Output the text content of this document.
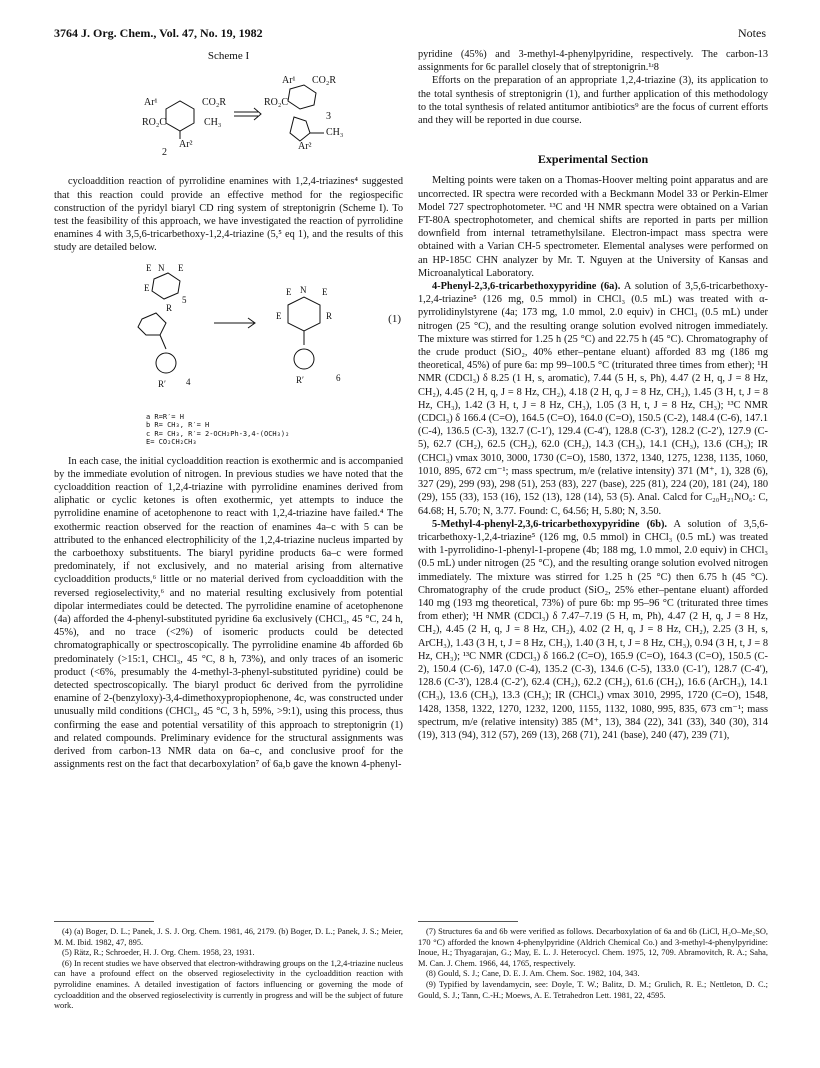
3764 J. Org. Chem., Vol. 47, No. 19, 1982	Notes
Scheme I
Ar¹	CO₂R
RO₂C	CH₃
Ar²
2
Ar¹ CO₂R
RO₂C
3
CH₃
Ar²

cycloaddition reaction of pyrrolidine enamines with 1,2,4-triazines⁴ suggested that this reaction could provide an effective method for the regiospecific construction of the pyridyl biaryl CD ring system of streptonigrin (Scheme I). To test the feasibility of this approach, we have investigated the reaction of pyrrolidine enamines 4 with 3,5,6-tricarbethoxy-1,2,4-triazine (5,⁵ eq 1), and the results of this study are detailed below.

E N E
E
5
R
R′ 4
E N E
E	R
R′	6
(1)
a R=R′= H
b R= CH₃, R′= H
c R= CH₃, R′= 2-OCH₂Ph-3,4-(OCH₃)₂
E= CO₂CH₂CH₃

In each case, the initial cycloaddition reaction is exothermic and is accompanied by the immediate evolution of nitrogen. In previous studies we have noted that the cycloaddition reaction of 1,2,4-triazine with pyrrolidine enamines derived from aliphatic or cyclic ketones is often exothermic, yet attempts to induce the pyrrolidine enamine of acetophenone to react with 1,2,4-triazine have failed.⁴ The exothermic reaction observed for the reaction of enamines 4a–c with 5 can be attributed to the enhanced electrophilicity of the 1,2,4-triazine nucleus imparted by the carboethoxy substituents. The biaryl pyridine products 6a–c were formed predominately, if not exclusively, and no material arising from alternative cycloaddition products,⁶ little or no material derived from cycloaddition with the reversed regioselectivity,⁶ and no material resulting exclusively from potential dipolar intermediates could be detected. The pyrrolidine enamine of acetophenone (4a) afforded the 4-phenyl-substituted pyridine 6a exclusively (CHCl₃, 45 °C, 24 h, 45%), and no trace (<2%) of isomeric products could be detected chromatographically or spectroscopically. The pyrrolidine enamine 4b afforded 6b predominately (>15:1, CHCl₃, 45 °C, 8 h, 73%), and only traces of an isomeric product (<6%, presumably the 4-methyl-3-phenyl-substituted pyridine) could be detected spectroscopically. The biaryl product 6c derived from the pyrrolidine enamine of 2-(benzyloxy)-3,4-dimethoxypropiophenone, 4c, was constructed under unusually mild conditions (CHCl₃, 45 °C, 3 h, 59%, >9:1), using this process, thus confirming the ease and potential versatility of this approach to streptonigrin (1) and related compounds. Preliminary evidence for the structural assignments was derived from carbon-13 NMR data on 6a–c, and conclusive proof for the assignments rest on the fact that decarboxylation⁷ of 6a,b gave the known 4-phenyl-

pyridine (45%) and 3-methyl-4-phenylpyridine, respectively. The carbon-13 assignments for 6c parallel closely that of streptonigrin.¹ʴ8

Efforts on the preparation of an appropriate 1,2,4-triazine (3), its application to the total synthesis of streptonigrin (1), and further application of this methodology to the total synthesis of related antitumor antibiotics⁹ are the focus of current efforts and they will be reported in due course.

Experimental Section

Melting points were taken on a Thomas-Hoover melting point apparatus and are uncorrected. IR spectra were recorded with a Beckmann Model 33 or Perkin-Elmer Model 727 spectrophotometer. ¹³C and ¹H NMR spectra were obtained on a Varian FT-80A spectrophotometer, and chemical shifts are reported in parts per million downfield from internal tetramethylsilane. Electron-impact mass spectra were obtained with a Varian CH-5 spectrometer. Elemental analyses were performed on an HP-185C CHN analyzer by Mr. T. Nguyen at the University of Kansas and Microanalytical Laboratory.

4-Phenyl-2,3,6-tricarbethoxypyridine (6a). A solution of 3,5,6-tricarbethoxy-1,2,4-triazine⁵ (126 mg, 0.5 mmol) in CHCl₃ (0.5 mL) was treated with α-pyrrolidinylstyrene (4a; 173 mg, 1.0 mmol, 2.0 equiv) in CHCl₃ (0.5 mL) under nitrogen (25 °C), and the resulting orange solution evolved nitrogen immediately. The mixture was stirred for 1.25 h (25 °C) and 22.75 h (45 °C). Chromatography of the crude product (SiO₂, 40% ether–pentane eluant) afforded 83 mg (186 mg theoretical, 45%) of pure 6a: mp 99–100.5 °C (triturated three times from ether); ¹H NMR (CDCl₃) δ 8.25 (1 H, s, aromatic), 7.44 (5 H, s, Ph), 4.47 (2 H, q, J = 8 Hz, CH₂), 4.45 (2 H, q, J = 8 Hz, CH₂), 4.18 (2 H, q, J = 8 Hz, CH₂), 1.45 (3 H, t, J = 8 Hz, CH₃), 1.42 (3 H, t, J = 8 Hz, CH₃), 1.05 (3 H, t, J = 8 Hz, CH₃); ¹³C NMR (CDCl₃) δ 166.4 (C=O), 164.5 (C=O), 164.0 (C=O), 150.5 (C-2), 148.4 (C-6), 147.1 (C-4), 136.5 (C-3), 132.7 (C-1′), 129.4 (C-4′), 128.8 (C-3′), 128.2 (C-2′), 127.9 (C-5), 62.7 (CH₂), 62.5 (CH₂), 62.0 (CH₂), 14.3 (CH₃), 14.1 (CH₃), 13.6 (CH₃); IR (CHCl₃) νmax 3010, 3000, 1730 (C=O), 1580, 1372, 1340, 1275, 1238, 1135, 1060, 1010, 895, 672 cm⁻¹; mass spectrum, m/e (relative intensity) 371 (M⁺, 1), 328 (6), 327 (29), 299 (93), 298 (51), 253 (83), 227 (base), 225 (81), 224 (20), 181 (24), 180 (29), 155 (33), 153 (16), 152 (13), 128 (14), 53 (5). Anal. Calcd for C₂₀H₂₁NO₆: C, 64.68; H, 5.70; N, 3.77. Found: C, 64.56; H, 5.80; N, 3.50.

5-Methyl-4-phenyl-2,3,6-tricarbethoxypyridine (6b). A solution of 3,5,6-tricarbethoxy-1,2,4-triazine⁵ (126 mg, 0.5 mmol) in CHCl₃ (0.5 mL) was treated with 1-pyrrolidino-1-phenyl-1-propene (4b; 188 mg, 1.0 mmol, 2.0 equiv) in CHCl₃ (0.5 mL) under nitrogen (25 °C), and the resulting orange solution evolved nitrogen immediately. The mixture was stirred for 1.25 h (25 °C) then 6.75 h (45 °C). Chromatography of the crude product (SiO₂, 25% ether–pentane eluant) afforded 140 mg (193 mg theoretical, 73%) of pure 6b: mp 95–96 °C (triturated three times from ether); ¹H NMR (CDCl₃) δ 7.47–7.19 (5 H, m, Ph), 4.47 (2 H, q, J = 8 Hz, CH₂), 4.45 (2 H, q, J = 8 Hz, CH₂), 4.02 (2 H, q, J = 8 Hz, CH₂), 2.25 (3 H, s, ArCH₃), 1.43 (3 H, t, J = 8 Hz, CH₃), 1.40 (3 H, t, J = 8 Hz, CH₃), 0.94 (3 H, t, J = 8 Hz, CH₃); ¹³C NMR (CDCl₃) δ 166.2 (C=O), 165.9 (C=O), 164.3 (C=O), 150.5 (C-2), 150.4 (C-6), 147.0 (C-4), 135.2 (C-3), 134.6 (C-5), 133.0 (C-1′), 128.7 (C-4′), 128.6 (C-3′), 128.4 (C-2′), 62.4 (CH₂), 62.2 (CH₂), 61.6 (CH₂), 16.6 (ArCH₃), 14.1 (CH₃), 13.6 (CH₃), 13.3 (CH₃); IR (CHCl₃) νmax 3010, 2995, 1720 (C=O), 1548, 1428, 1358, 1322, 1270, 1232, 1200, 1155, 1132, 1080, 995, 835, 673 cm⁻¹; mass spectrum, m/e (relative intensity) 385 (M⁺, 13), 384 (22), 341 (33), 340 (30), 314 (19), 313 (94), 312 (57), 269 (13), 268 (71), 241 (base), 240 (47), 239 (71),

(4) (a) Boger, D. L.; Panek, J. S. J. Org. Chem. 1981, 46, 2179. (b) Boger, D. L.; Panek, J. S.; Meier, M. M. Ibid. 1982, 47, 895.

(5) Rätz, R.; Schroeder, H. J. Org. Chem. 1958, 23, 1931.

(6) In recent studies we have observed that electron-withdrawing groups on the 1,2,4-triazine nucleus can have a profound effect on the observed regioselectivity in the cycloaddition reaction with pyrrolidine enamines. A detailed investigation of factors influencing or governing the mode of cycloaddition and the observed regioselectivity is currently in progress and will be the subject of future work.

(7) Structures 6a and 6b were verified as follows. Decarboxylation of 6a and 6b (LiCl, H₂O–Me₂SO, 170 °C) afforded the known 4-phenylpyridine (Aldrich Chemical Co.) and 3-methyl-4-phenylpyridine: Inoue, H.; Thyagarajan, G.; May, E. L. J. Heterocycl. Chem. 1975, 12, 709. Abramovitch, R. A.; Saha, M. Can. J. Chem. 1966, 44, 1765, respectively.

(8) Gould, S. J.; Cane, D. E. J. Am. Chem. Soc. 1982, 104, 343.

(9) Typified by lavendamycin, see: Doyle, T. W.; Balitz, D. M.; Grulich, R. E.; Nettleton, D. C.; Gould, S. J.; Tann, C.-H.; Moews, A. E. Tetrahedron Lett. 1981, 22, 4595.
